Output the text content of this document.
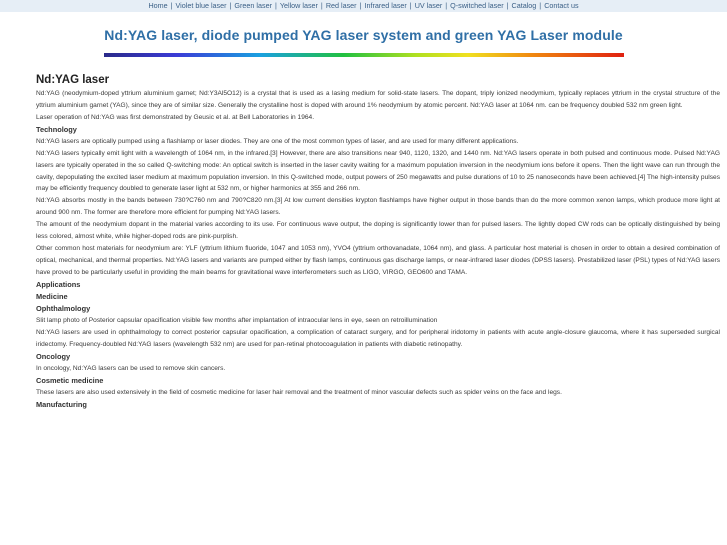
Home | Violet blue laser | Green laser | Yellow laser | Red laser | Infrared laser | UV laser | Q-switched laser | Catalog | Contact us
Nd:YAG laser, diode pumped YAG laser system and green YAG Laser module
Nd:YAG laser

Nd:YAG (neodymium-doped yttrium aluminium garnet; Nd:Y3Al5O12) is a crystal that is used as a lasing medium for solid-state lasers. The dopant, triply ionized neodymium, typically replaces yttrium in the crystal structure of the yttrium aluminium garnet (YAG), since they are of similar size. Generally the crystalline host is doped with around 1% neodymium by atomic percent. Nd:YAG laser at 1064 nm. can be frequency doubled 532 nm green light.

Laser operation of Nd:YAG was first demonstrated by Geusic et al. at Bell Laboratories in 1964.

Technology

Nd:YAG lasers are optically pumped using a flashlamp or laser diodes. They are one of the most common types of laser, and are used for many different applications.

Nd:YAG lasers typically emit light with a wavelength of 1064 nm, in the infrared.[3] However, there are also transitions near 940, 1120, 1320, and 1440 nm. Nd:YAG lasers operate in both pulsed and continuous mode. Pulsed Nd:YAG lasers are typically operated in the so called Q-switching mode: An optical switch is inserted in the laser cavity waiting for a maximum population inversion in the neodymium ions before it opens. Then the light wave can run through the cavity, depopulating the excited laser medium at maximum population inversion. In this Q-switched mode, output powers of 250 megawatts and pulse durations of 10 to 25 nanoseconds have been achieved.[4] The high-intensity pulses may be efficiently frequency doubled to generate laser light at 532 nm, or higher harmonics at 355 and 266 nm.

Nd:YAG absorbs mostly in the bands between 730?C760 nm and 790?C820 nm.[3] At low current densities krypton flashlamps have higher output in those bands than do the more common xenon lamps, which produce more light at around 900 nm. The former are therefore more efficient for pumping Nd:YAG lasers.

The amount of the neodymium dopant in the material varies according to its use. For continuous wave output, the doping is significantly lower than for pulsed lasers. The lightly doped CW rods can be optically distinguished by being less colored, almost white, while higher-doped rods are pink-purplish.

Other common host materials for neodymium are: YLF (yttrium lithium fluoride, 1047 and 1053 nm), YVO4 (yttrium orthovanadate, 1064 nm), and glass. A particular host material is chosen in order to obtain a desired combination of optical, mechanical, and thermal properties. Nd:YAG lasers and variants are pumped either by flash lamps, continuous gas discharge lamps, or near-infrared laser diodes (DPSS lasers). Prestabilized laser (PSL) types of Nd:YAG lasers have proved to be particularly useful in providing the main beams for gravitational wave interferometers such as LIGO, VIRGO, GEO600 and TAMA.

Applications
Medicine
Ophthalmology

Slit lamp photo of Posterior capsular opacification visible few months after implantation of intraocular lens in eye, seen on retroillumination

Nd:YAG lasers are used in ophthalmology to correct posterior capsular opacification, a complication of cataract surgery, and for peripheral iridotomy in patients with acute angle-closure glaucoma, where it has superseded surgical iridectomy. Frequency-doubled Nd:YAG lasers (wavelength 532 nm) are used for pan-retinal photocoagulation in patients with diabetic retinopathy.

Oncology

In oncology, Nd:YAG lasers can be used to remove skin cancers.

Cosmetic medicine

These lasers are also used extensively in the field of cosmetic medicine for laser hair removal and the treatment of minor vascular defects such as spider veins on the face and legs.

Manufacturing
